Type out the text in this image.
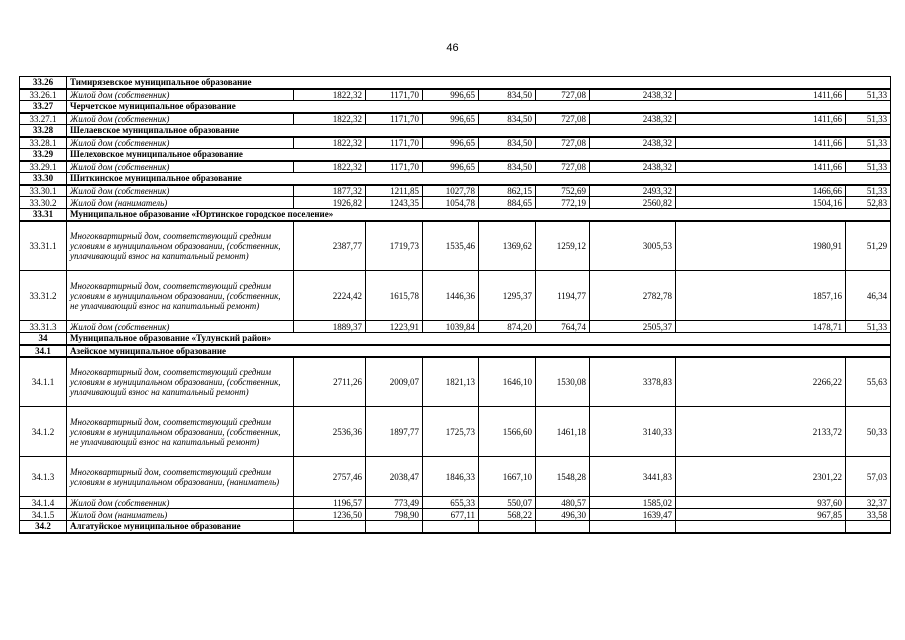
46
33.26	Тимирязевское муниципальное образование								
33.26.1	Жилой дом (собственник)	1822,32	1171,70	996,65	834,50	727,08	2438,32	1411,66	51,33
33.27	Черчетское муниципальное образование								
33.27.1	Жилой дом (собственник)	1822,32	1171,70	996,65	834,50	727,08	2438,32	1411,66	51,33
33.28	Шелаевское муниципальное образование								
33.28.1	Жилой дом (собственник)	1822,32	1171,70	996,65	834,50	727,08	2438,32	1411,66	51,33
33.29	Шелеховское муниципальное образование								
33.29.1	Жилой дом (собственник)	1822,32	1171,70	996,65	834,50	727,08	2438,32	1411,66	51,33
33.30	Шиткинское муниципальное образование								
33.30.1	Жилой дом (собственник)	1877,32	1211,85	1027,78	862,15	752,69	2493,32	1466,66	51,33
33.30.2	Жилой дом (наниматель)	1926,82	1243,35	1054,78	884,65	772,19	2560,82	1504,16	52,83
33.31	Муниципальное образование «Юртинское городское поселение»								
33.31.1	Многоквартирный дом, соответствующий средним условиям в муниципальном образовании, (собственник, уплачивающий взнос на капитальный ремонт)	2387,77	1719,73	1535,46	1369,62	1259,12	3005,53	1980,91	51,29
33.31.2	Многоквартирный дом, соответствующий средним условиям в муниципальном образовании, (собственник, не уплачивающий взнос на капитальный ремонт)	2224,42	1615,78	1446,36	1295,37	1194,77	2782,78	1857,16	46,34
33.31.3	Жилой дом (собственник)	1889,37	1223,91	1039,84	874,20	764,74	2505,37	1478,71	51,33
34	Муниципальное образование «Тулунский район»								
34.1	Азейское муниципальное образование								
34.1.1	Многоквартирный дом, соответствующий средним условиям в муниципальном образовании, (собственник, уплачивающий взнос на капитальный ремонт)	2711,26	2009,07	1821,13	1646,10	1530,08	3378,83	2266,22	55,63
34.1.2	Многоквартирный дом, соответствующий средним условиям в муниципальном образовании, (собственник, не уплачивающий взнос на капитальный ремонт)	2536,36	1897,77	1725,73	1566,60	1461,18	3140,33	2133,72	50,33
34.1.3	Многоквартирный дом, соответствующий средним условиям в муниципальном образовании, (наниматель)	2757,46	2038,47	1846,33	1667,10	1548,28	3441,83	2301,22	57,03
34.1.4	Жилой дом (собственник)	1196,57	773,49	655,33	550,07	480,57	1585,02	937,60	32,37
34.1.5	Жилой дом (наниматель)	1236,50	798,90	677,11	568,22	496,30	1639,47	967,85	33,58
34.2	Алгатуйское муниципальное образование								
